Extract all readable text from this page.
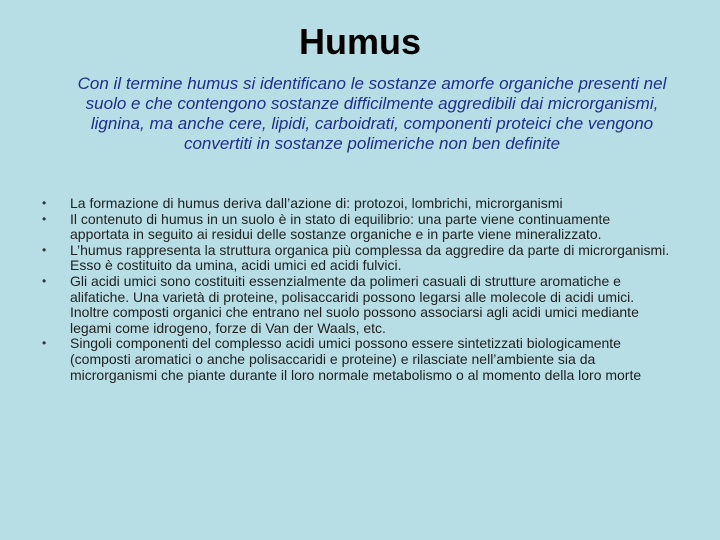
Humus
Con il termine humus si identificano le sostanze amorfe organiche presenti nel suolo e che contengono sostanze difficilmente aggredibili dai microrganismi, lignina, ma anche cere, lipidi, carboidrati, componenti proteici che vengono convertiti in sostanze polimeriche non ben definite
•	La formazione di humus deriva dall’azione di: protozoi, lombrichi, microrganismi
•	Il contenuto di humus in un suolo è in stato di equilibrio: una parte viene continuamente apportata in seguito ai residui delle sostanze organiche e in parte viene mineralizzato.
•	L’humus rappresenta la struttura organica più complessa da aggredire da parte di microrganismi. Esso è costituito da umina, acidi umici ed acidi fulvici.
•	Gli acidi umici sono costituiti essenzialmente da polimeri casuali di strutture aromatiche e alifatiche. Una varietà di proteine, polisaccaridi possono legarsi alle molecole di acidi umici. Inoltre composti organici che entrano nel suolo possono associarsi agli acidi umici mediante legami come idrogeno, forze di Van der Waals, etc.
•	Singoli componenti del complesso acidi umici possono essere sintetizzati biologicamente (composti aromatici o anche polisaccaridi e proteine) e rilasciate nell’ambiente sia da microrganismi che piante durante il loro normale metabolismo o al momento della loro morte
